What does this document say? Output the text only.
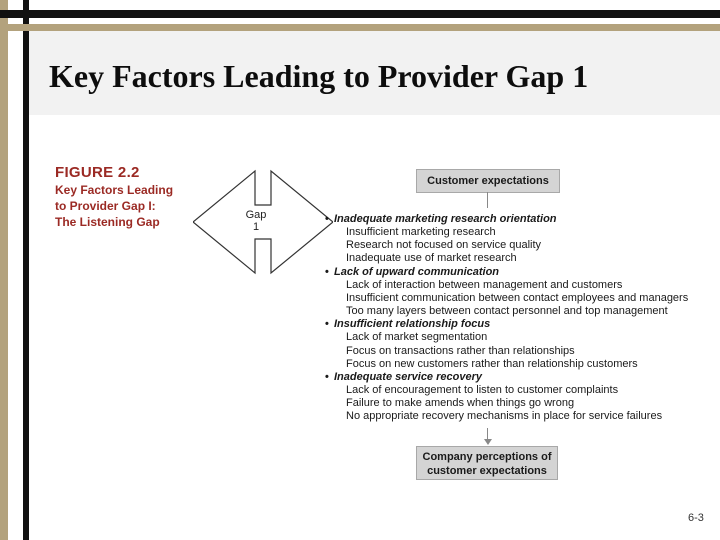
Key Factors Leading to Provider Gap 1
FIGURE 2.2
Key Factors Leading
to Provider Gap I:
The Listening Gap	Gap
1
Customer expectations
• Inadequate marketing research orientation
Insufficient marketing research
Research not focused on service quality
Inadequate use of market research
• Lack of upward communication
Lack of interaction between management and customers
Insufficient communication between contact employees and managers
Too many layers between contact personnel and top management
• Insufficient relationship focus
Lack of market segmentation
Focus on transactions rather than relationships
Focus on new customers rather than relationship customers
• Inadequate service recovery
Lack of encouragement to listen to customer complaints
Failure to make amends when things go wrong
No appropriate recovery mechanisms in place for service failures
Company perceptions of
customer expectations
6-3
